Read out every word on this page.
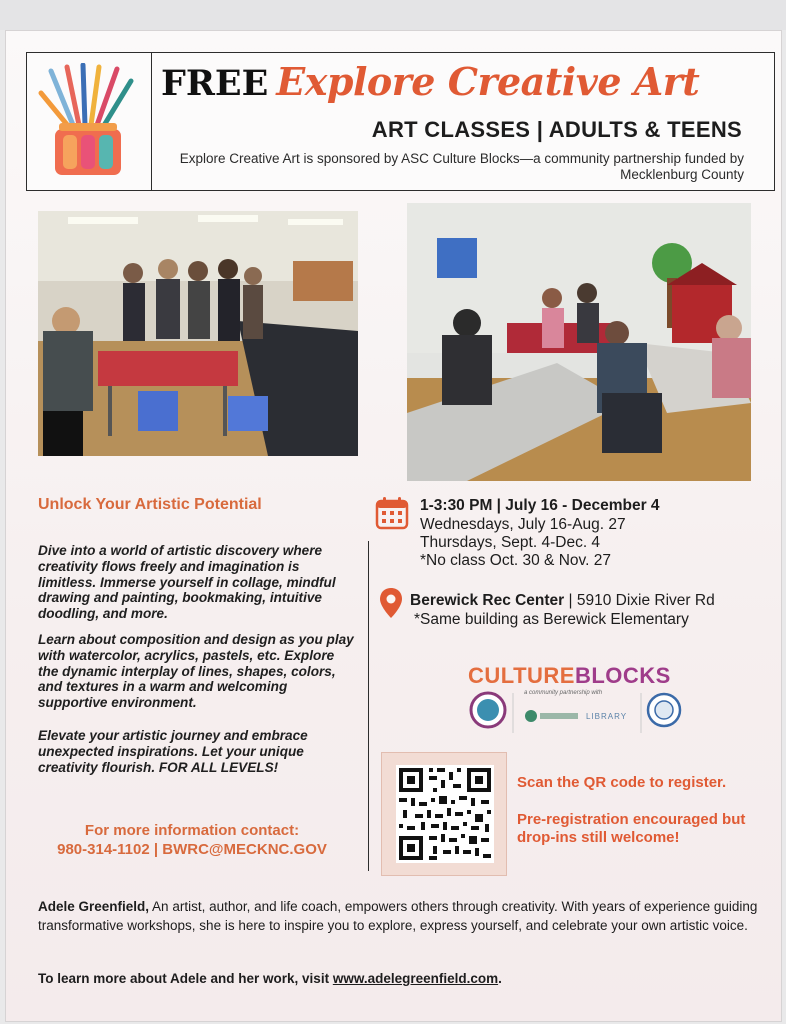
FREE Explore Creative Art
ART CLASSES | ADULTS & TEENS
Explore Creative Art is sponsored by ASC Culture Blocks—a community partnership funded by Mecklenburg County
Unlock Your Artistic Potential
Dive into a world of artistic discovery where creativity flows freely and imagination is limitless. Immerse yourself in collage, mindful drawing and painting, bookmaking, intuitive doodling, and more.
Learn about composition and design as you play with watercolor, acrylics, pastels, etc. Explore the dynamic interplay of lines, shapes, colors, and textures in a warm and welcoming supportive environment.
Elevate your artistic journey and embrace unexpected inspirations. Let your unique creativity flourish. FOR ALL LEVELS!
For more information contact:
980-314-1102 | BWRC@MECKNC.GOV
1-3:30 PM | July 16 - December 4
Wednesdays, July 16-Aug. 27
Thursdays, Sept. 4-Dec. 4
*No class Oct. 30 & Nov. 27
Berewick Rec Center | 5910 Dixie River Rd
*Same building as Berewick Elementary
CULTUREBLOCKS
a community partnership with
LIBRARY
Scan the QR code to register.
Pre-registration encouraged but drop-ins still welcome!
Adele Greenfield, An artist, author, and life coach, empowers others through creativity. With years of experience guiding transformative workshops, she is here to inspire you to explore, express yourself, and celebrate your own artistic voice.
To learn more about Adele and her work, visit www.adelegreenfield.com.
